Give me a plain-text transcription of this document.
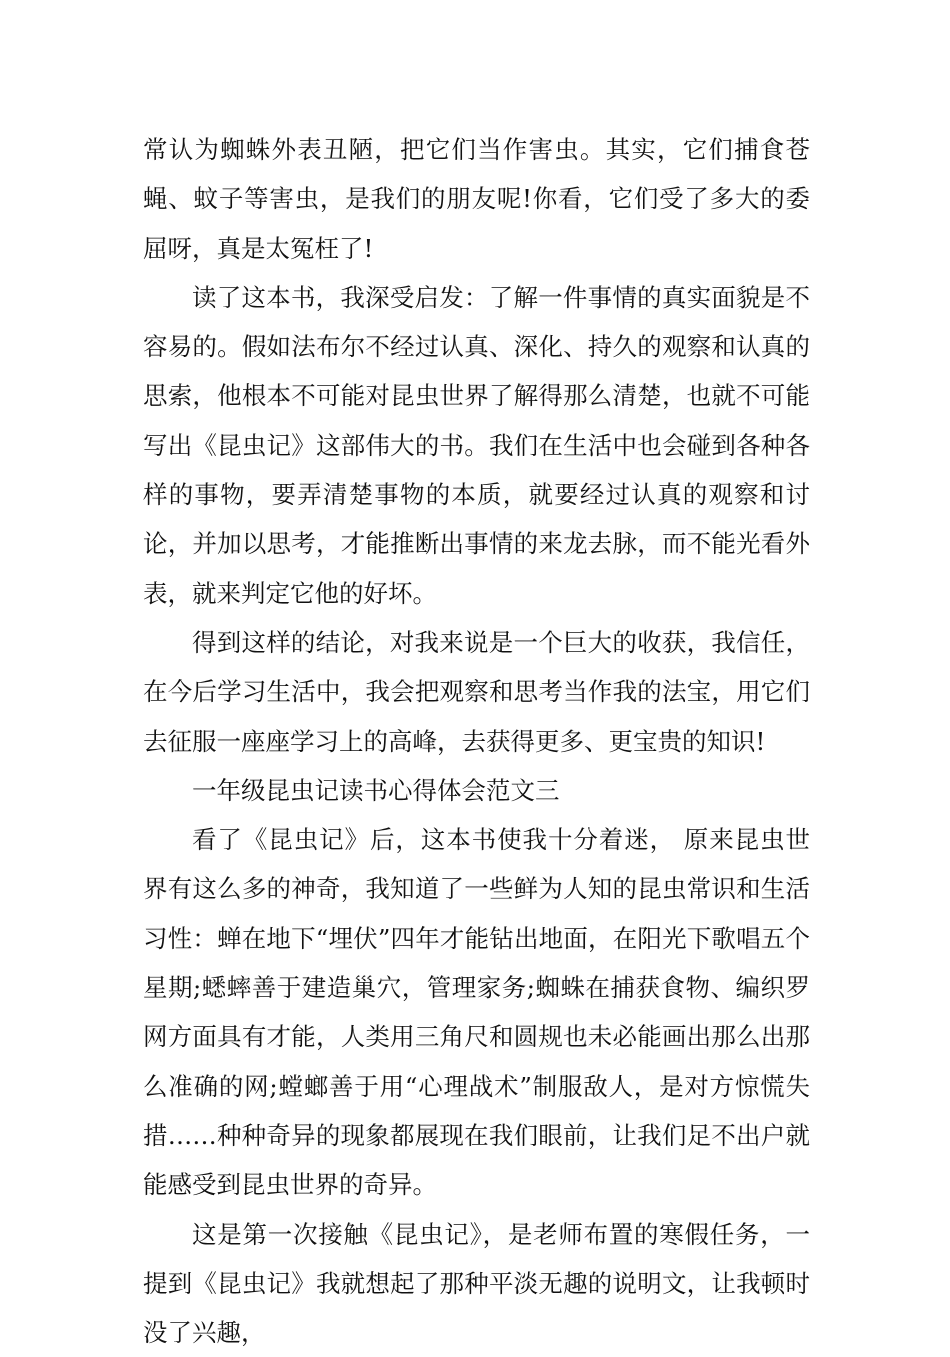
常认为蜘蛛外表丑陋，把它们当作害虫。其实，它们捕食苍蝇、蚊子等害虫，是我们的朋友呢!你看，它们受了多大的委屈呀，真是太冤枉了!

读了这本书，我深受启发：了解一件事情的真实面貌是不容易的。假如法布尔不经过认真、深化、持久的观察和认真的思索，他根本不可能对昆虫世界了解得那么清楚，也就不可能写出《昆虫记》这部伟大的书。我们在生活中也会碰到各种各样的事物，要弄清楚事物的本质，就要经过认真的观察和讨论，并加以思考，才能推断出事情的来龙去脉，而不能光看外表，就来判定它他的好坏。

得到这样的结论，对我来说是一个巨大的收获，我信任，在今后学习生活中，我会把观察和思考当作我的法宝，用它们去征服一座座学习上的高峰，去获得更多、更宝贵的知识!

一年级昆虫记读书心得体会范文三

看了《昆虫记》后，这本书使我十分着迷， 原来昆虫世界有这么多的神奇，我知道了一些鲜为人知的昆虫常识和生活习性：蝉在地下“埋伏”四年才能钻出地面，在阳光下歌唱五个星期;蟋蟀善于建造巢穴，管理家务;蜘蛛在捕获食物、编织罗网方面具有才能，人类用三角尺和圆规也未必能画出那么出那么准确的网;螳螂善于用“心理战术”制服敌人，是对方惊慌失措……种种奇异的现象都展现在我们眼前，让我们足不出户就能感受到昆虫世界的奇异。

这是第一次接触《昆虫记》，是老师布置的寒假任务，一提到《昆虫记》我就想起了那种平淡无趣的说明文，让我顿时没了兴趣，
